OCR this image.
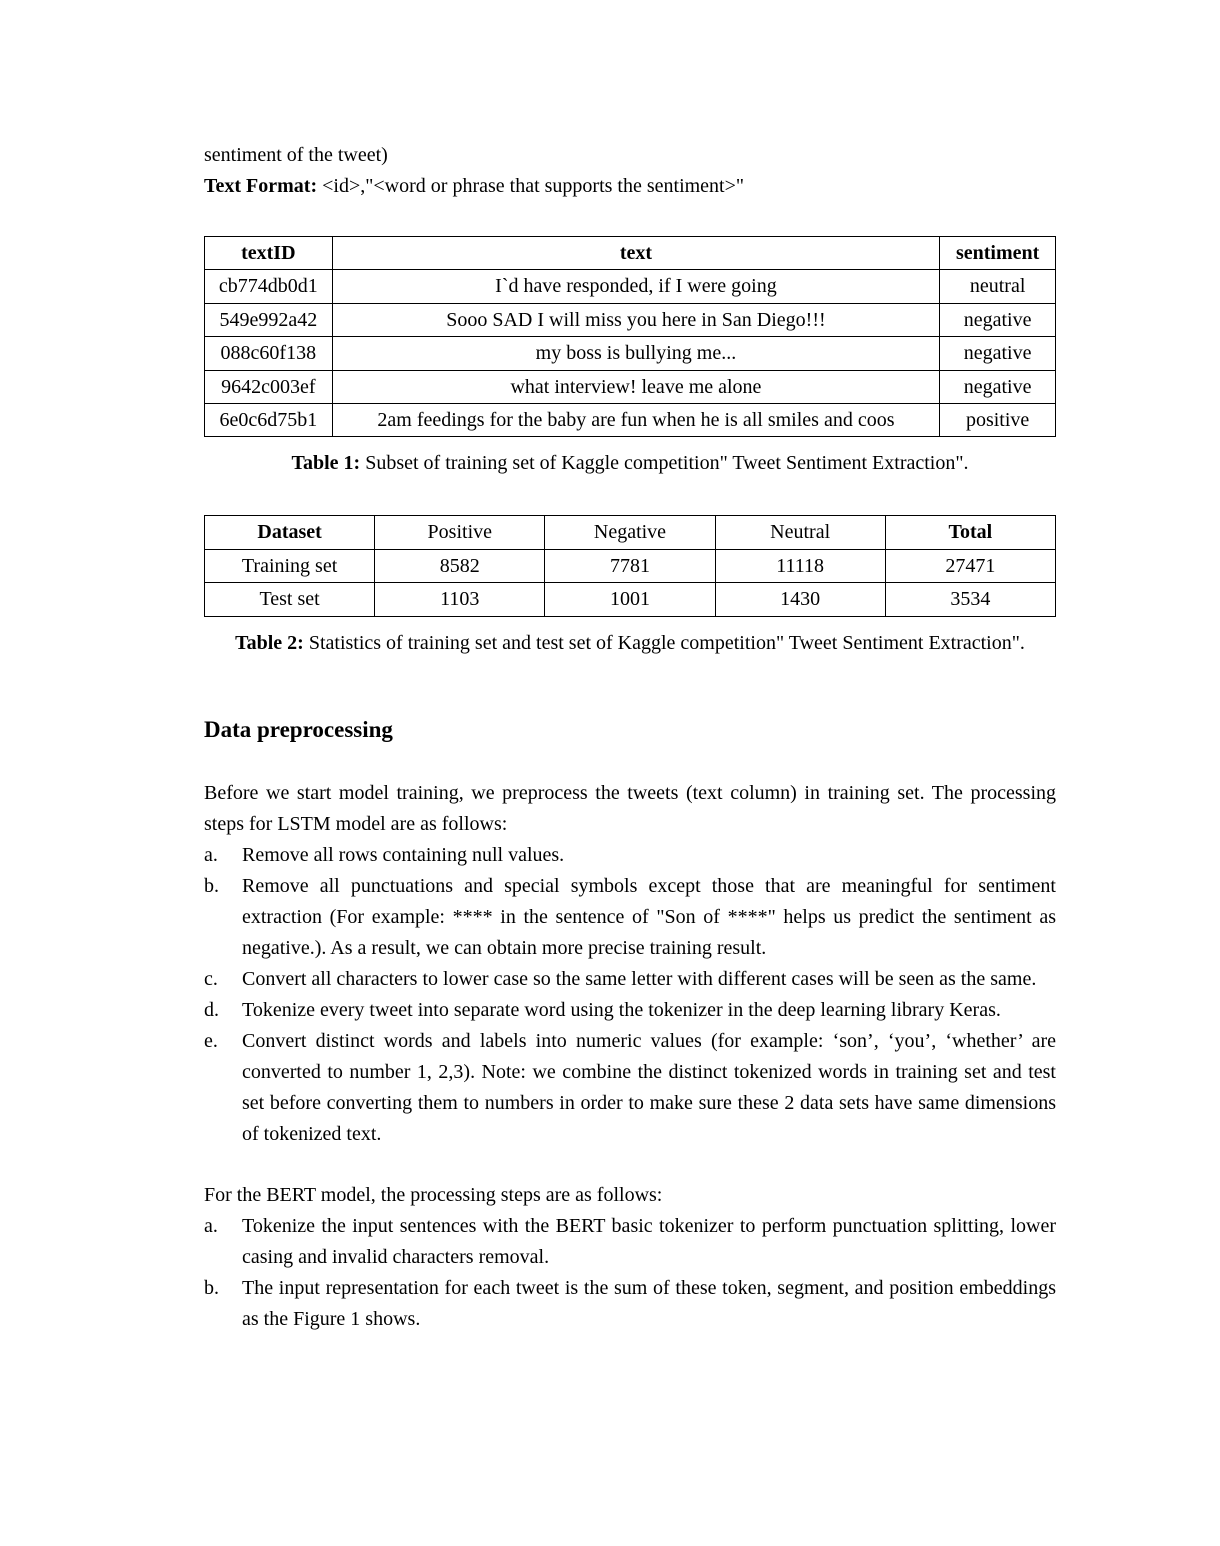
sentiment of the tweet)

Text Format: <id>,"<word or phrase that supports the sentiment>"

textID	text	sentiment
cb774db0d1	I`d have responded, if I were going	neutral
549e992a42	Sooo SAD I will miss you here in San Diego!!!	negative
088c60f138	my boss is bullying me...	negative
9642c003ef	what interview! leave me alone	negative
6e0c6d75b1	2am feedings for the baby are fun when he is all smiles and coos	positive

Table 1: Subset of training set of Kaggle competition" Tweet Sentiment Extraction".

Dataset	Positive	Negative	Neutral	Total
Training set	8582	7781	11118	27471
Test set	1103	1001	1430	3534

Table 2: Statistics of training set and test set of Kaggle competition" Tweet Sentiment Extraction".

Data preprocessing

Before we start model training, we preprocess the tweets (text column) in training set. The processing steps for LSTM model are as follows:

a. Remove all rows containing null values.
b. Remove all punctuations and special symbols except those that are meaningful for sentiment extraction (For example: **** in the sentence of "Son of ****" helps us predict the sentiment as negative.). As a result, we can obtain more precise training result.
c. Convert all characters to lower case so the same letter with different cases will be seen as the same.
d. Tokenize every tweet into separate word using the tokenizer in the deep learning library Keras.
e. Convert distinct words and labels into numeric values (for example: ‘son’, ‘you’, ‘whether’ are converted to number 1, 2,3). Note: we combine the distinct tokenized words in training set and test set before converting them to numbers in order to make sure these 2 data sets have same dimensions of tokenized text.

For the BERT model, the processing steps are as follows:

a. Tokenize the input sentences with the BERT basic tokenizer to perform punctuation splitting, lower casing and invalid characters removal.
b. The input representation for each tweet is the sum of these token, segment, and position embeddings as the Figure 1 shows.
